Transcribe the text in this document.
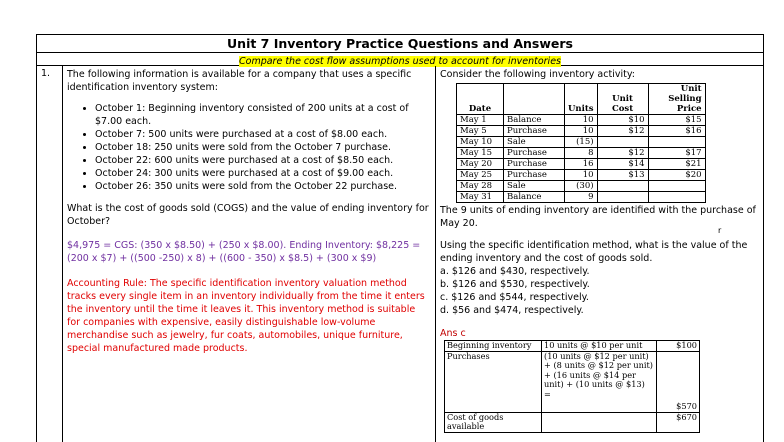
Unit 7 Inventory Practice Questions and Answers
Compare the cost flow assumptions used to account for inventories
1.	The following information is available for a company that uses a specific identification inventory system:

• October 1: Beginning inventory consisted of 200 units at a cost of $7.00 each.
• October 7: 500 units were purchased at a cost of $8.00 each.
• October 18: 250 units were sold from the October 7 purchase.
• October 22: 600 units were purchased at a cost of $8.50 each.
• October 24: 300 units were purchased at a cost of $9.00 each.
• October 26: 350 units were sold from the October 22 purchase.

What is the cost of goods sold (COGS) and the value of ending inventory for October?

$4,975 = CGS: (350 x $8.50) + (250 x $8.00). Ending Inventory: $8,225 = (200 x $7) + ((500 -250) x 8) + ((600 - 350) x $8.5) + (300 x $9)

Accounting Rule: The specific identification inventory valuation method tracks every single item in an inventory individually from the time it enters the inventory until the time it leaves it. This inventory method is suitable for companies with expensive, easily distinguishable low-volume merchandise such as jewelry, fur coats, automobiles, unique furniture, special manufactured made products.

Consider the following inventory activity:

Date		Units	Unit Cost	Unit Selling Price
May 1	Balance	10	$10	$15
May 5	Purchase	10	$12	$16
May 10	Sale	(15)		
May 15	Purchase	8	$12	$17
May 20	Purchase	16	$14	$21
May 25	Purchase	10	$13	$20
May 28	Sale	(30)		
May 31	Balance	9		
r

The 9 units of ending inventory are identified with the purchase of May 20.

Using the specific identification method, what is the value of the ending inventory and the cost of goods sold.

a. $126 and $430, respectively.

b. $126 and $530, respectively.

c. $126 and $544, respectively.

d. $56 and $474, respectively.

Ans c

Beginning inventory	10 units @ $10 per unit	$100
Purchases	(10 units @ $12 per unit) + (8 units @ $12 per unit) + (16 units @ $14 per unit) + (10 units @ $13) =	$570
Cost of goods available		$670
